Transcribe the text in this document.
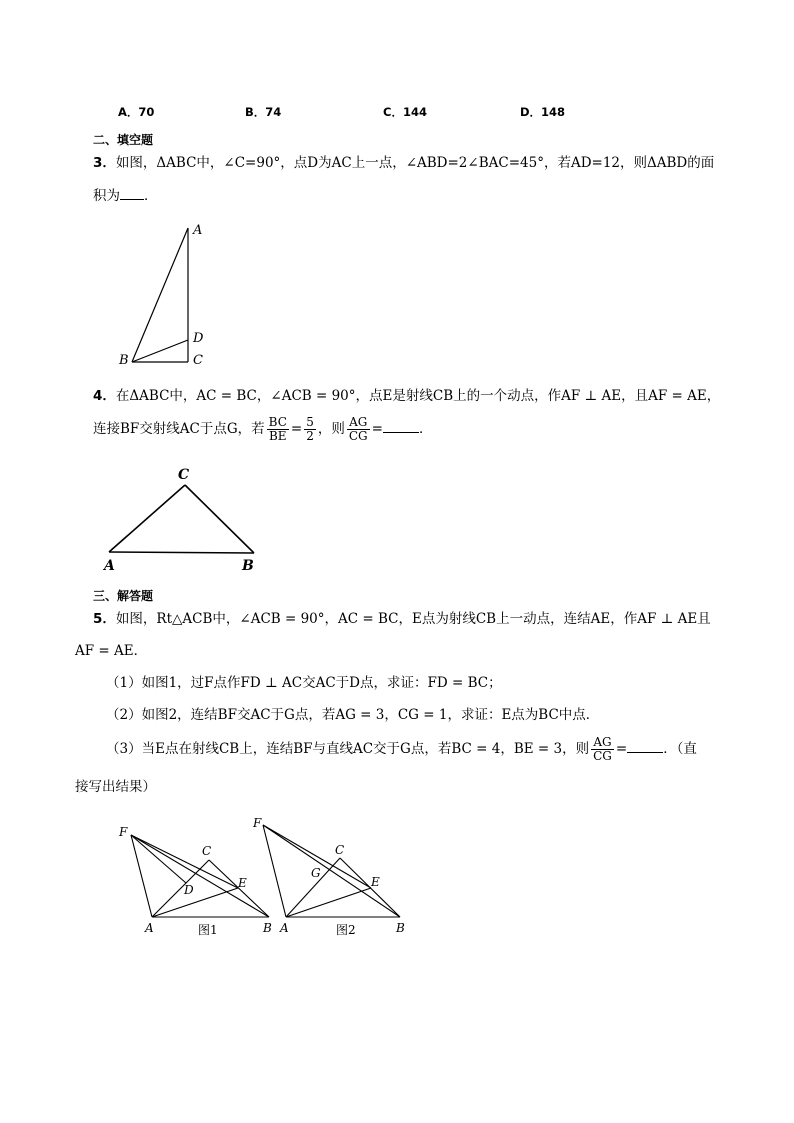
A．70	B．74	C．144	D．148
二、填空题
3．如图，ΔABC中，∠C=90°，点D为AC上一点，∠ABD=2∠BAC=45°，若AD=12，则ΔABD的面
积为 ．
A
B	C
D
4．在ΔABC中，AC = BC，∠ACB = 90°，点E是射线CB上的一个动点，作AF ⊥ AE，且AF = AE，
连接BF交射线AC于点G，若 $\frac{BC}{BE} = \frac{5}{2}$ ，则 $\frac{AG}{CG}$ =	．
C
A	B
三、解答题
5．如图，Rt△ACB中，∠ACB = 90°，AC = BC，E点为射线CB上一动点，连结AE，作AF ⊥ AE且
AF = AE．
（1）如图1，过F点作FD ⊥ AC交AC于D点，求证：FD = BC；
（2）如图2，连结BF交AC于G点，若AG = 3，CG = 1，求证：E点为BC中点．
（3）当E点在射线CB上，连结BF与直线AC交于G点，若BC = 4，BE = 3，则 $\frac{AG}{CG}$ =	．（直
接写出结果）
F
C
D	E
A	B
图1
F
C
G
E
A	B
图2
